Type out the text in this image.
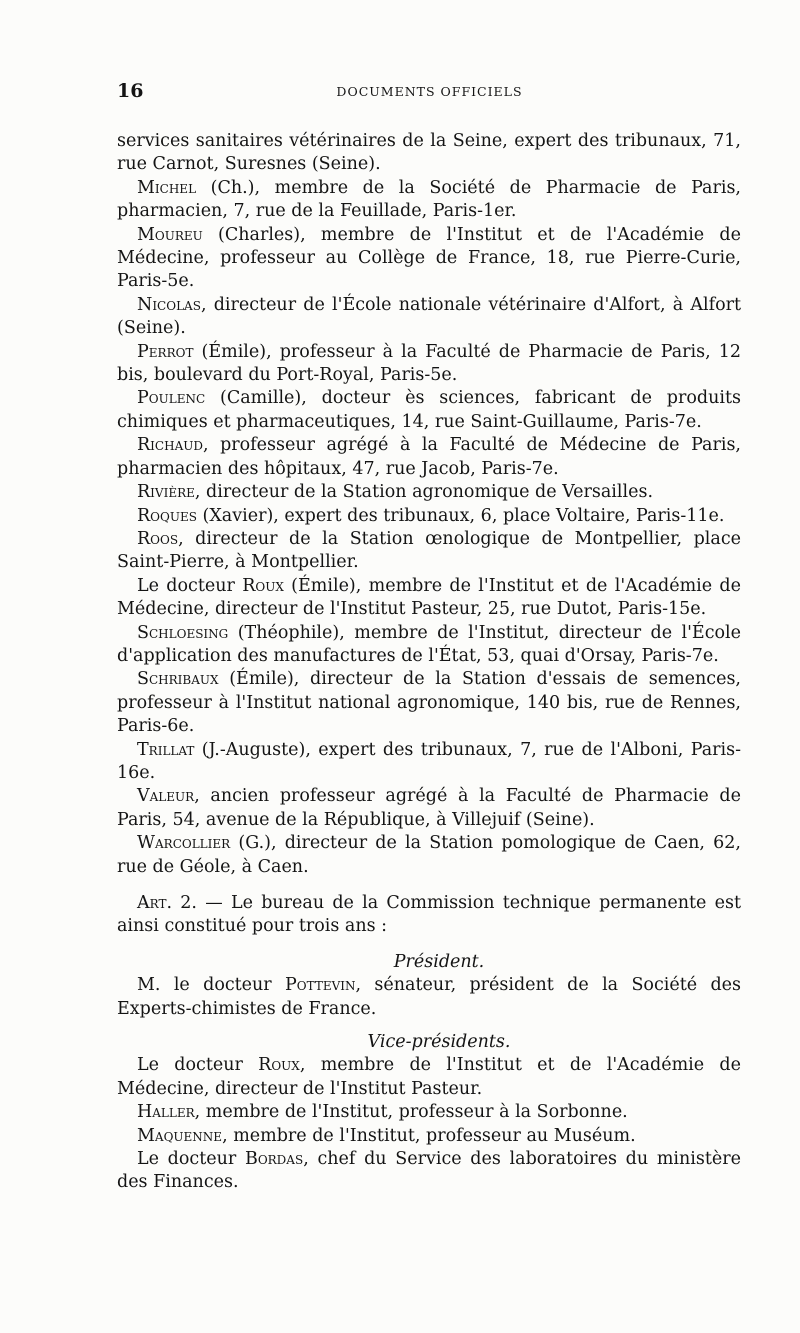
16	DOCUMENTS OFFICIELS

services sanitaires vétérinaires de la Seine, expert des tribunaux, 71, rue Carnot, Suresnes (Seine).

Michel (Ch.), membre de la Société de Pharmacie de Paris, pharmacien, 7, rue de la Feuillade, Paris-1er.

Moureu (Charles), membre de l'Institut et de l'Académie de Médecine, professeur au Collège de France, 18, rue Pierre-Curie, Paris-5e.

Nicolas, directeur de l'École nationale vétérinaire d'Alfort, à Alfort (Seine).

Perrot (Émile), professeur à la Faculté de Pharmacie de Paris, 12 bis, boulevard du Port-Royal, Paris-5e.

Poulenc (Camille), docteur ès sciences, fabricant de produits chimiques et pharmaceutiques, 14, rue Saint-Guillaume, Paris-7e.

Richaud, professeur agrégé à la Faculté de Médecine de Paris, pharmacien des hôpitaux, 47, rue Jacob, Paris-7e.

Rivière, directeur de la Station agronomique de Versailles.

Roques (Xavier), expert des tribunaux, 6, place Voltaire, Paris-11e.

Roos, directeur de la Station œnologique de Montpellier, place Saint-Pierre, à Montpellier.

Le docteur Roux (Émile), membre de l'Institut et de l'Académie de Médecine, directeur de l'Institut Pasteur, 25, rue Dutot, Paris-15e.

Schloesing (Théophile), membre de l'Institut, directeur de l'École d'application des manufactures de l'État, 53, quai d'Orsay, Paris-7e.

Schribaux (Émile), directeur de la Station d'essais de semences, professeur à l'Institut national agronomique, 140 bis, rue de Rennes, Paris-6e.

Trillat (J.-Auguste), expert des tribunaux, 7, rue de l'Alboni, Paris-16e.

Valeur, ancien professeur agrégé à la Faculté de Pharmacie de Paris, 54, avenue de la République, à Villejuif (Seine).

Warcollier (G.), directeur de la Station pomologique de Caen, 62, rue de Géole, à Caen.

Art. 2. — Le bureau de la Commission technique permanente est ainsi constitué pour trois ans :

Président.

M. le docteur Pottevin, sénateur, président de la Société des Experts-chimistes de France.

Vice-présidents.

Le docteur Roux, membre de l'Institut et de l'Académie de Médecine, directeur de l'Institut Pasteur.

Haller, membre de l'Institut, professeur à la Sorbonne.

Maquenne, membre de l'Institut, professeur au Muséum.

Le docteur Bordas, chef du Service des laboratoires du ministère des Finances.
